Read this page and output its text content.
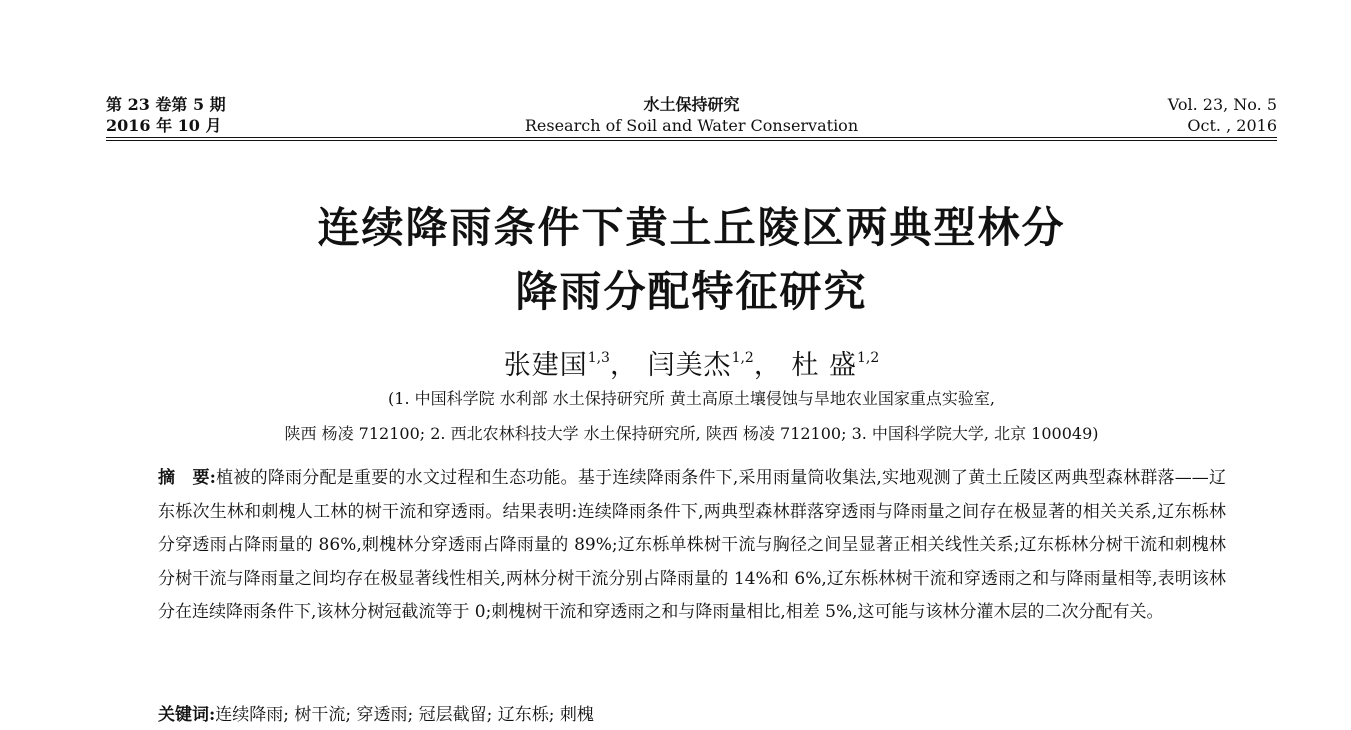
第 23 卷第 5 期
2016 年 10 月
水土保持研究
Research of Soil and Water Conservation
Vol. 23, No. 5
Oct. , 2016
连续降雨条件下黄土丘陵区两典型林分
降雨分配特征研究
张建国$^{1,3}$， 闫美杰$^{1,2}$， 杜 盛$^{1,2}$
(1. 中国科学院 水利部 水土保持研究所 黄土高原土壤侵蚀与旱地农业国家重点实验室,
陕西 杨凌 712100; 2. 西北农林科技大学 水土保持研究所, 陕西 杨凌 712100; 3. 中国科学院大学, 北京 100049)
摘　要:植被的降雨分配是重要的水文过程和生态功能。基于连续降雨条件下,采用雨量筒收集法,实地观测了黄土丘陵区两典型森林群落——辽东栎次生林和刺槐人工林的树干流和穿透雨。结果表明:连续降雨条件下,两典型森林群落穿透雨与降雨量之间存在极显著的相关关系,辽东栎林分穿透雨占降雨量的 86%,刺槐林分穿透雨占降雨量的 89%;辽东栎单株树干流与胸径之间呈显著正相关线性关系;辽东栎林分树干流和刺槐林分树干流与降雨量之间均存在极显著线性相关,两林分树干流分别占降雨量的 14%和 6%,辽东栎林树干流和穿透雨之和与降雨量相等,表明该林分在连续降雨条件下,该林分树冠截流等于 0;刺槐树干流和穿透雨之和与降雨量相比,相差 5%,这可能与该林分灌木层的二次分配有关。
关键词:连续降雨; 树干流; 穿透雨; 冠层截留; 辽东栎; 刺槐
